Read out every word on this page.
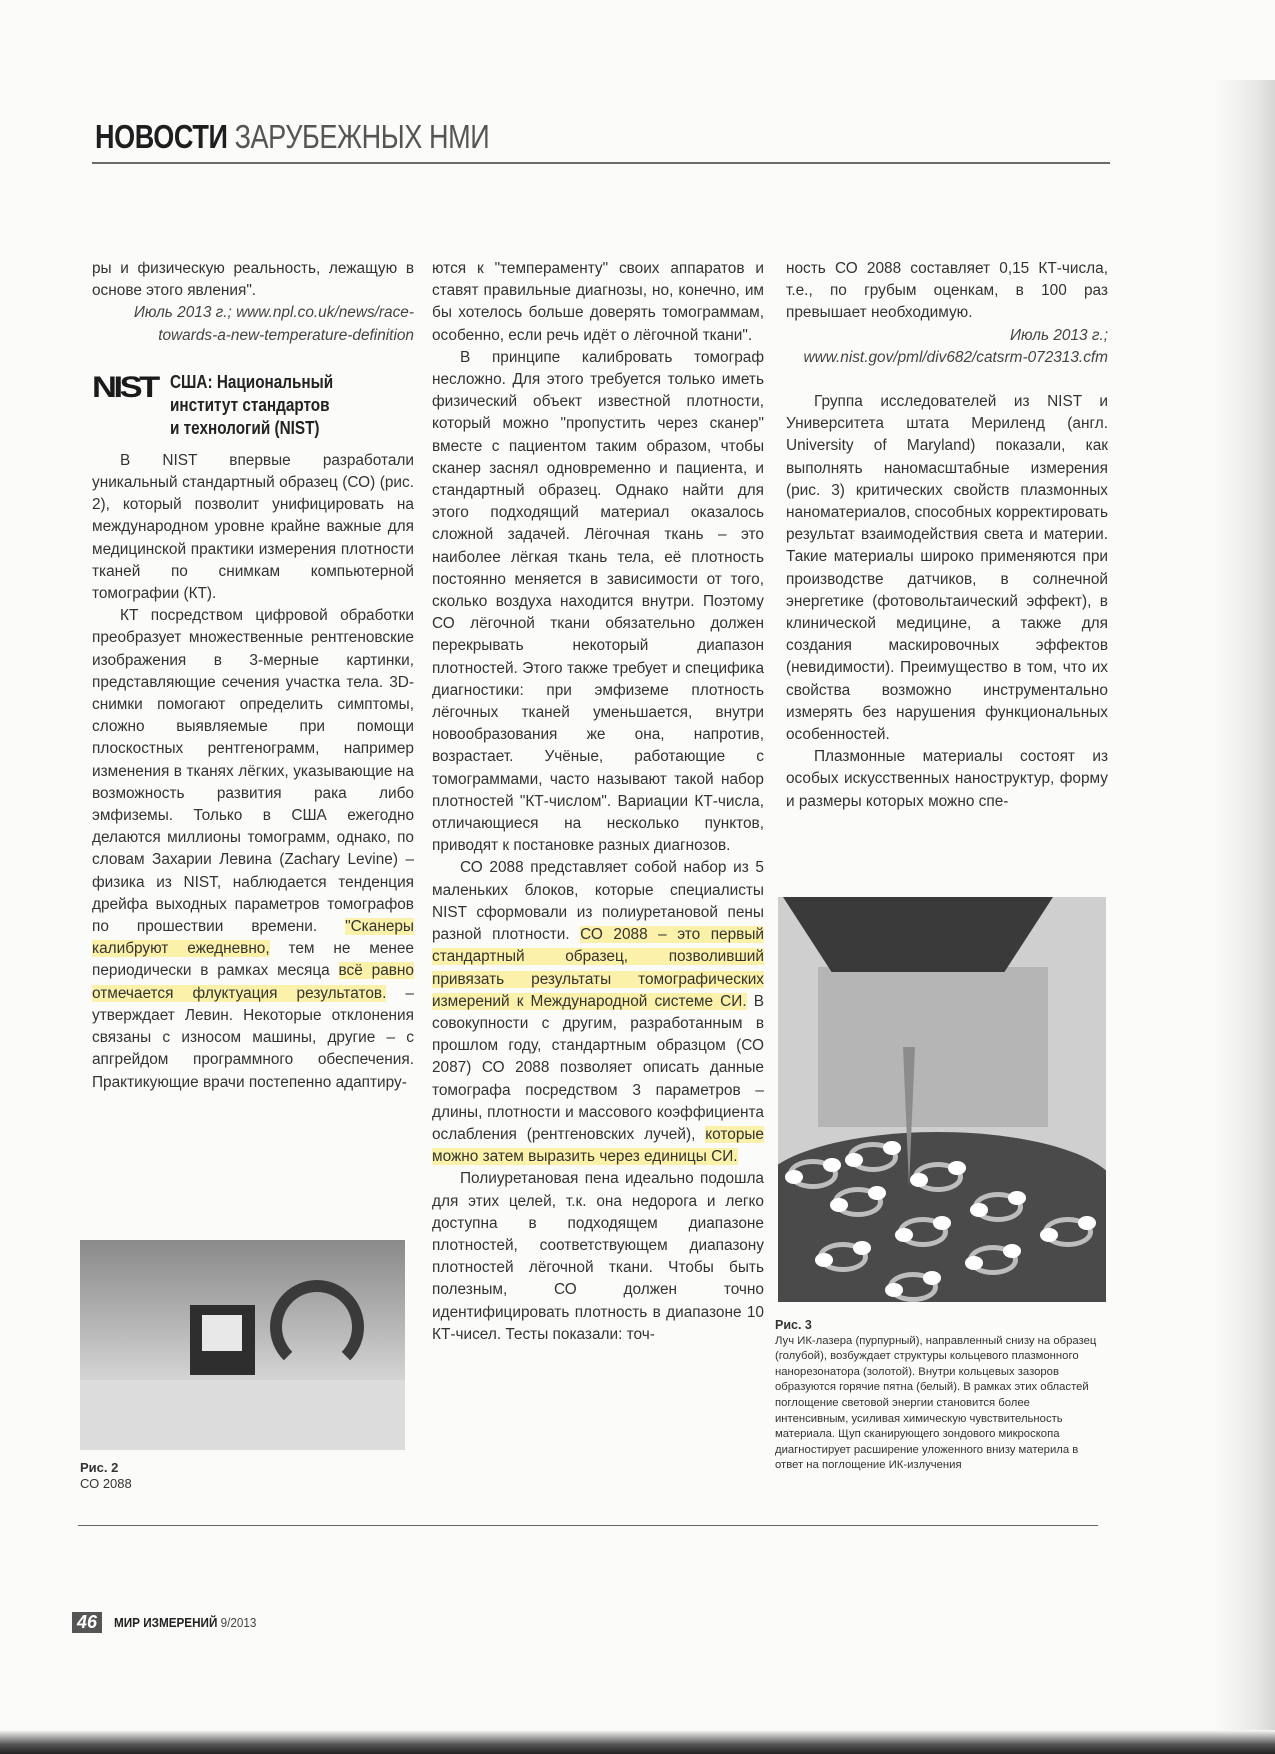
НОВОСТИ ЗАРУБЕЖНЫХ НМИ

ры и физическую реальность, лежащую в основе этого явления".

Июль 2013 г.; www.npl.co.uk/news/race-towards-a-new-temperature-definition

NIST США: Национальный
институт стандартов
и технологий (NIST)

В NIST впервые разработали уникальный стандартный образец (СО) (рис. 2), который позволит унифицировать на международном уровне крайне важные для медицинской практики измерения плотности тканей по снимкам компьютерной томографии (КТ).

КТ посредством цифровой обработки преобразует множественные рентгеновские изображения в 3-мерные картинки, представляющие сечения участка тела. 3D-снимки помогают определить симптомы, сложно выявляемые при помощи плоскостных рентгенограмм, например изменения в тканях лёгких, указывающие на возможность развития рака либо эмфиземы. Только в США ежегодно делаются миллионы томограмм, однако, по словам Захарии Левина (Zachary Levine) – физика из NIST, наблюдается тенденция дрейфа выходных параметров томографов по прошествии времени. "Сканеры калибруют ежедневно, тем не менее периодически в рамках месяца всё равно отмечается флуктуация результатов. – утверждает Левин. Некоторые отклонения связаны с износом машины, другие – с апгрейдом программного обеспечения. Практикующие врачи постепенно адаптиру-

ются к "темпераменту" своих аппаратов и ставят правильные диагнозы, но, конечно, им бы хотелось больше доверять томограммам, особенно, если речь идёт о лёгочной ткани".

В принципе калибровать томограф несложно. Для этого требуется только иметь физический объект известной плотности, который можно "пропустить через сканер" вместе с пациентом таким образом, чтобы сканер заснял одновременно и пациента, и стандартный образец. Однако найти для этого подходящий материал оказалось сложной задачей. Лёгочная ткань – это наиболее лёгкая ткань тела, её плотность постоянно меняется в зависимости от того, сколько воздуха находится внутри. Поэтому СО лёгочной ткани обязательно должен перекрывать некоторый диапазон плотностей. Этого также требует и специфика диагностики: при эмфиземе плотность лёгочных тканей уменьшается, внутри новообразования же она, напротив, возрастает. Учёные, работающие с томограммами, часто называют такой набор плотностей "КТ-числом". Вариации КТ-числа, отличающиеся на несколько пунктов, приводят к постановке разных диагнозов.

СО 2088 представляет собой набор из 5 маленьких блоков, которые специалисты NIST сформовали из полиуретановой пены разной плотности. СО 2088 – это первый стандартный образец, позволивший привязать результаты томографических измерений к Международной системе СИ. В совокупности с другим, разработанным в прошлом году, стандартным образцом (СО 2087) СО 2088 позволяет описать данные томографа посредством 3 параметров – длины, плотности и массового коэффициента ослабления (рентгеновских лучей), которые можно затем выразить через единицы СИ.

Полиуретановая пена идеально подошла для этих целей, т.к. она недорога и легко доступна в подходящем диапазоне плотностей, соответствующем диапазону плотностей лёгочной ткани. Чтобы быть полезным, СО должен точно идентифицировать плотность в диапазоне 10 КТ-чисел. Тесты показали: точ-

ность СО 2088 составляет 0,15 КТ-числа, т.е., по грубым оценкам, в 100 раз превышает необходимую.

Июль 2013 г.; www.nist.gov/pml/div682/catsrm-072313.cfm

Группа исследователей из NIST и Университета штата Мериленд (англ. University of Maryland) показали, как выполнять наномасштабные измерения (рис. 3) критических свойств плазмонных наноматериалов, способных корректировать результат взаимодействия света и материи. Такие материалы широко применяются при производстве датчиков, в солнечной энергетике (фотовольтаический эффект), в клинической медицине, а также для создания маскировочных эффектов (невидимости). Преимущество в том, что их свойства возможно инструментально измерять без нарушения функциональных особенностей.

Плазмонные материалы состоят из особых искусственных наноструктур, форму и размеры которых можно спе-

Рис. 2
СО 2088
Рис. 3
Луч ИК-лазера (пурпурный), направленный снизу на образец (голубой), возбуждает структуры кольцевого плазмонного нанорезонатора (золотой). Внутри кольцевых зазоров образуются горячие пятна (белый). В рамках этих областей поглощение световой энергии становится более интенсивным, усиливая химическую чувствительность материала. Щуп сканирующего зондового микроскопа диагностирует расширение уложенного внизу материла в ответ на поглощение ИК-излучения
46	МИР ИЗМЕРЕНИЙ 9/2013
